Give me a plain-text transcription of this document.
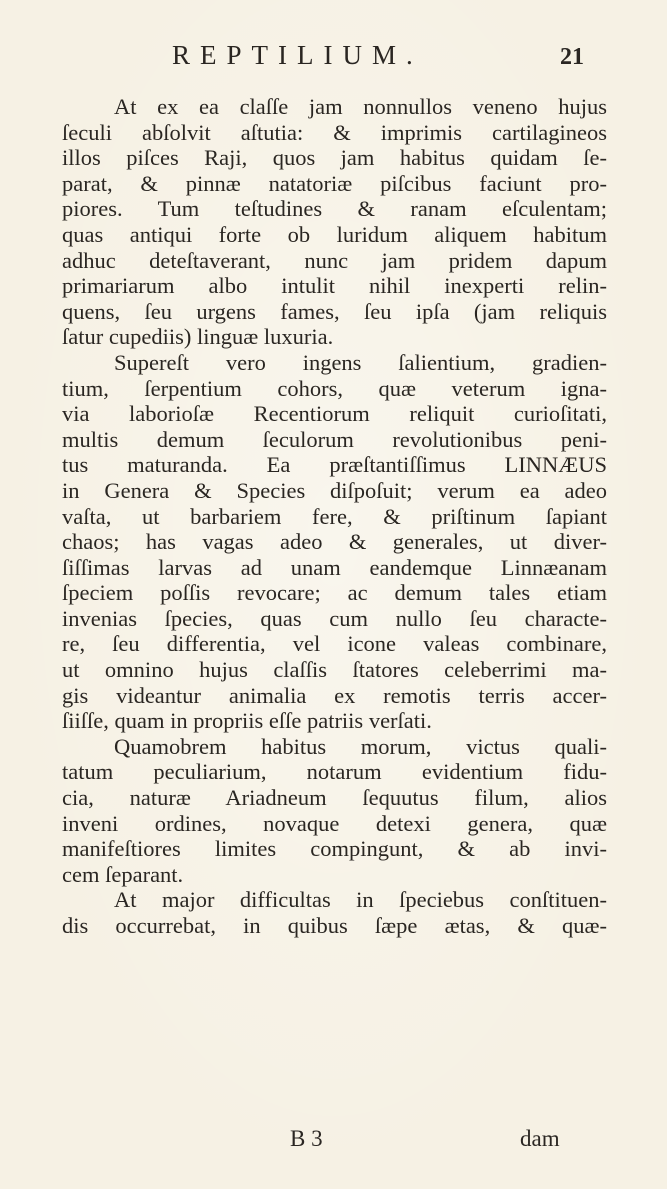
REPTILIUM.	21
At ex ea claſſe jam nonnullos veneno hujus
ſeculi abſolvit aſtutia: & imprimis cartilagineos
illos piſces Raji, quos jam habitus quidam ſe-
parat, & pinnæ natatoriæ piſcibus faciunt pro-
piores. Tum teſtudines & ranam eſculentam;
quas antiqui forte ob luridum aliquem habitum
adhuc deteſtaverant, nunc jam pridem dapum
primariarum albo intulit nihil inexperti relin-
quens, ſeu urgens fames, ſeu ipſa (jam reliquis
ſatur cupediis) linguæ luxuria.
Supereſt vero ingens ſalientium, gradien-
tium, ſerpentium cohors, quæ veterum igna-
via laborioſæ Recentiorum reliquit curioſitati,
multis demum ſeculorum revolutionibus peni-
tus maturanda. Ea præſtantiſſimus LINNÆUS
in Genera & Species diſpoſuit; verum ea adeo
vaſta, ut barbariem fere, & priſtinum ſapiant
chaos; has vagas adeo & generales, ut diver-
ſiſſimas larvas ad unam eandemque Linnæanam
ſpeciem poſſis revocare; ac demum tales etiam
invenias ſpecies, quas cum nullo ſeu characte-
re, ſeu differentia, vel icone valeas combinare,
ut omnino hujus claſſis ſtatores celeberrimi ma-
gis videantur animalia ex remotis terris accer-
ſiiſſe, quam in propriis eſſe patriis verſati.
Quamobrem habitus morum, victus quali-
tatum peculiarium, notarum evidentium fidu-
cia, naturæ Ariadneum ſequutus filum, alios
inveni ordines, novaque detexi genera, quæ
manifeſtiores limites compingunt, & ab invi-
cem ſeparant.
At major difficultas in ſpeciebus conſtituen-
dis occurrebat, in quibus ſæpe ætas, & quæ-
B 3	dam
